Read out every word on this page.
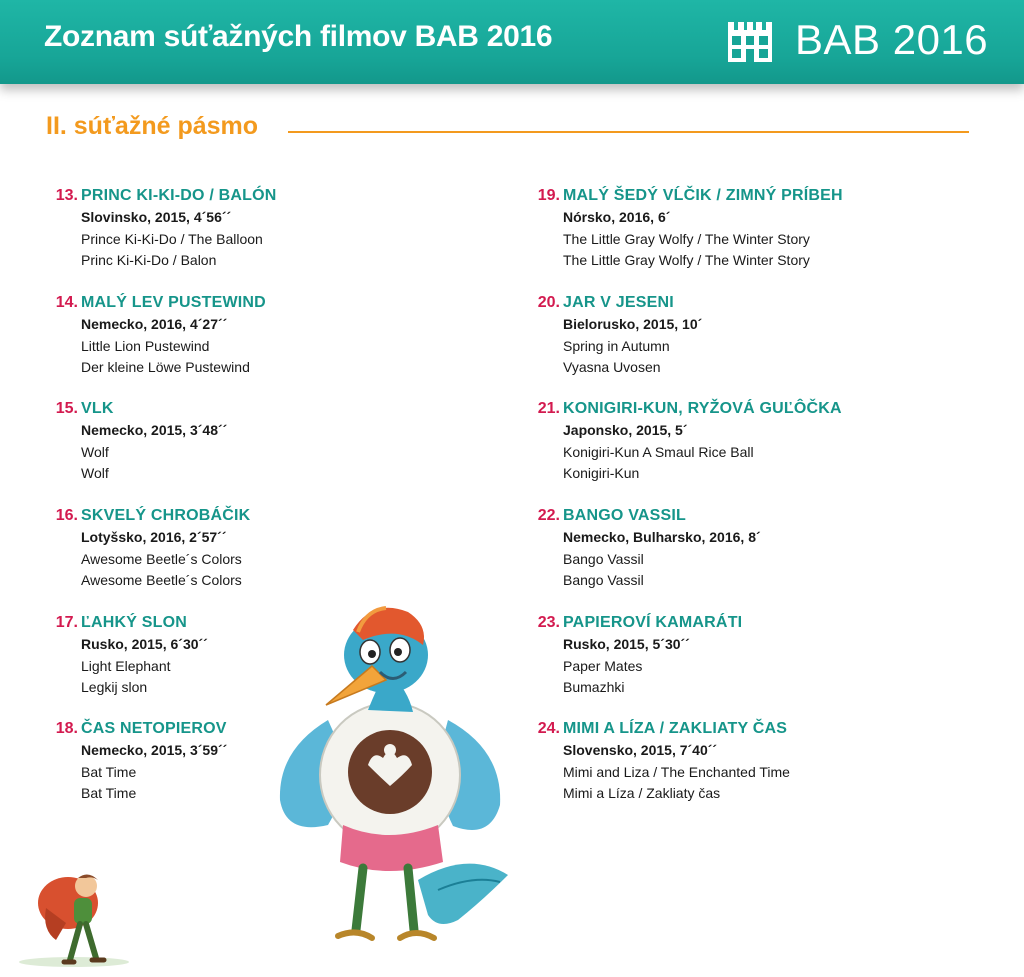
Zoznam súťažných filmov BAB 2016	BAB 2016
II. súťažné pásmo
13. PRINC KI-KI-DO / BALÓN
Slovinsko, 2015, 4´56´´
Prince Ki-Ki-Do / The Balloon
Princ Ki-Ki-Do / Balon
14. MALÝ LEV PUSTEWIND
Nemecko, 2016, 4´27´´
Little Lion Pustewind
Der kleine Löwe Pustewind
15. VLK
Nemecko, 2015, 3´48´´
Wolf
Wolf
16. SKVELÝ CHROBÁČIK
Lotyšsko, 2016, 2´57´´
Awesome Beetle´s Colors
Awesome Beetle´s Colors
17. ĽAHKÝ SLON
Rusko, 2015, 6´30´´
Light Elephant
Legkij slon
18. ČAS NETOPIEROV
Nemecko, 2015, 3´59´´
Bat Time
Bat Time
19. MALÝ ŠEDÝ VĹČIK / ZIMNÝ PRÍBEH
Nórsko, 2016, 6´
The Little Gray Wolfy / The Winter Story
The Little Gray Wolfy / The Winter Story
20. JAR V JESENI
Bielorusko, 2015, 10´
Spring in Autumn
Vyasna Uvosen
21. KONIGIRI-KUN, RYŽOVÁ GUĽÔČKA
Japonsko, 2015, 5´
Konigiri-Kun A Smaul Rice Ball
Konigiri-Kun
22. BANGO VASSIL
Nemecko, Bulharsko, 2016, 8´
Bango Vassil
Bango Vassil
23. PAPIEROVÍ KAMARÁTI
Rusko, 2015, 5´30´´
Paper Mates
Bumazhki
24. MIMI A LÍZA / ZAKLIATY ČAS
Slovensko, 2015, 7´40´´
Mimi and Liza / The Enchanted Time
Mimi a Líza / Zakliaty čas
